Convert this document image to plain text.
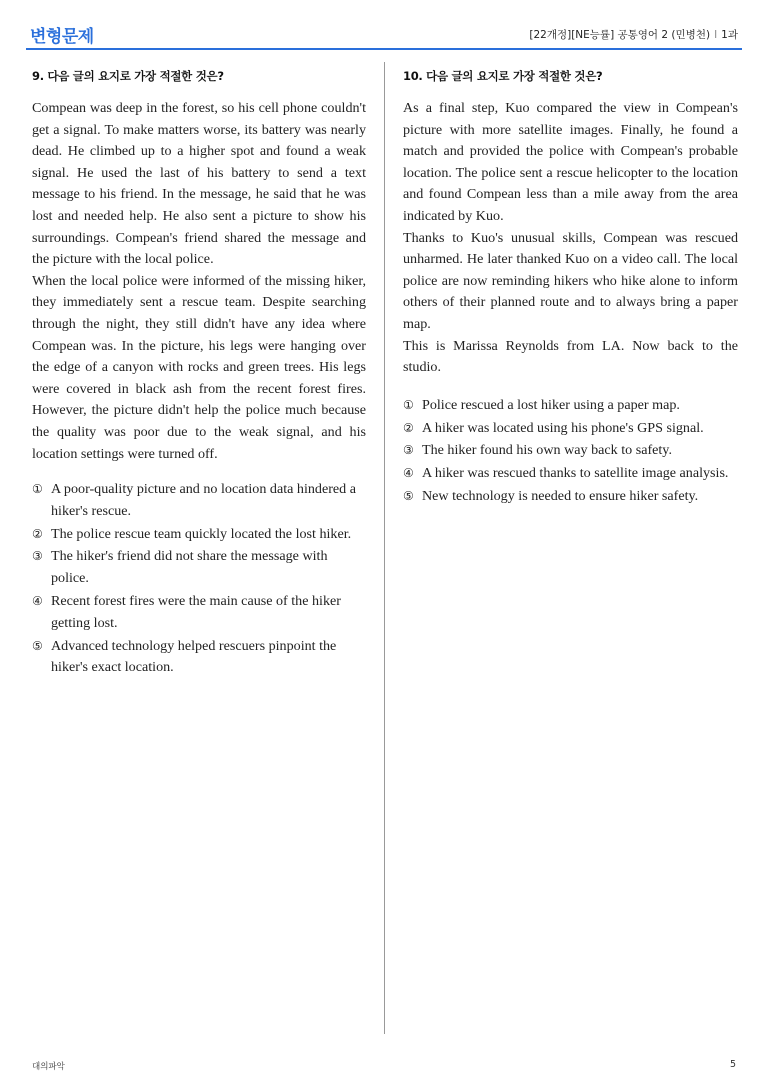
변형문제	[22개정][NE능률] 공통영어 2 (민병천) I 1과
9. 다음 글의 요지로 가장 적절한 것은?

Compean was deep in the forest, so his cell phone couldn't get a signal. To make matters worse, its battery was nearly dead. He climbed up to a higher spot and found a weak signal. He used the last of his battery to send a text message to his friend. In the message, he said that he was lost and needed help. He also sent a picture to show his surroundings. Compean's friend shared the message and the picture with the local police.

When the local police were informed of the missing hiker, they immediately sent a rescue team. Despite searching through the night, they still didn't have any idea where Compean was. In the picture, his legs were hanging over the edge of a canyon with rocks and green trees. His legs were covered in black ash from the recent forest fires. However, the picture didn't help the police much because the quality was poor due to the weak signal, and his location settings were turned off.

① A poor-quality picture and no location data hindered a hiker's rescue.
② The police rescue team quickly located the lost hiker.
③ The hiker's friend did not share the message with police.
④ Recent forest fires were the main cause of the hiker getting lost.
⑤ Advanced technology helped rescuers pinpoint the hiker's exact location.
10. 다음 글의 요지로 가장 적절한 것은?

As a final step, Kuo compared the view in Compean's picture with more satellite images. Finally, he found a match and provided the police with Compean's probable location. The police sent a rescue helicopter to the location and found Compean less than a mile away from the area indicated by Kuo.

Thanks to Kuo's unusual skills, Compean was rescued unharmed. He later thanked Kuo on a video call. The local police are now reminding hikers who hike alone to inform others of their planned route and to always bring a paper map.

This is Marissa Reynolds from LA. Now back to the studio.

① Police rescued a lost hiker using a paper map.
② A hiker was located using his phone's GPS signal.
③ The hiker found his own way back to safety.
④ A hiker was rescued thanks to satellite image analysis.
⑤ New technology is needed to ensure hiker safety.
대의파악	5
